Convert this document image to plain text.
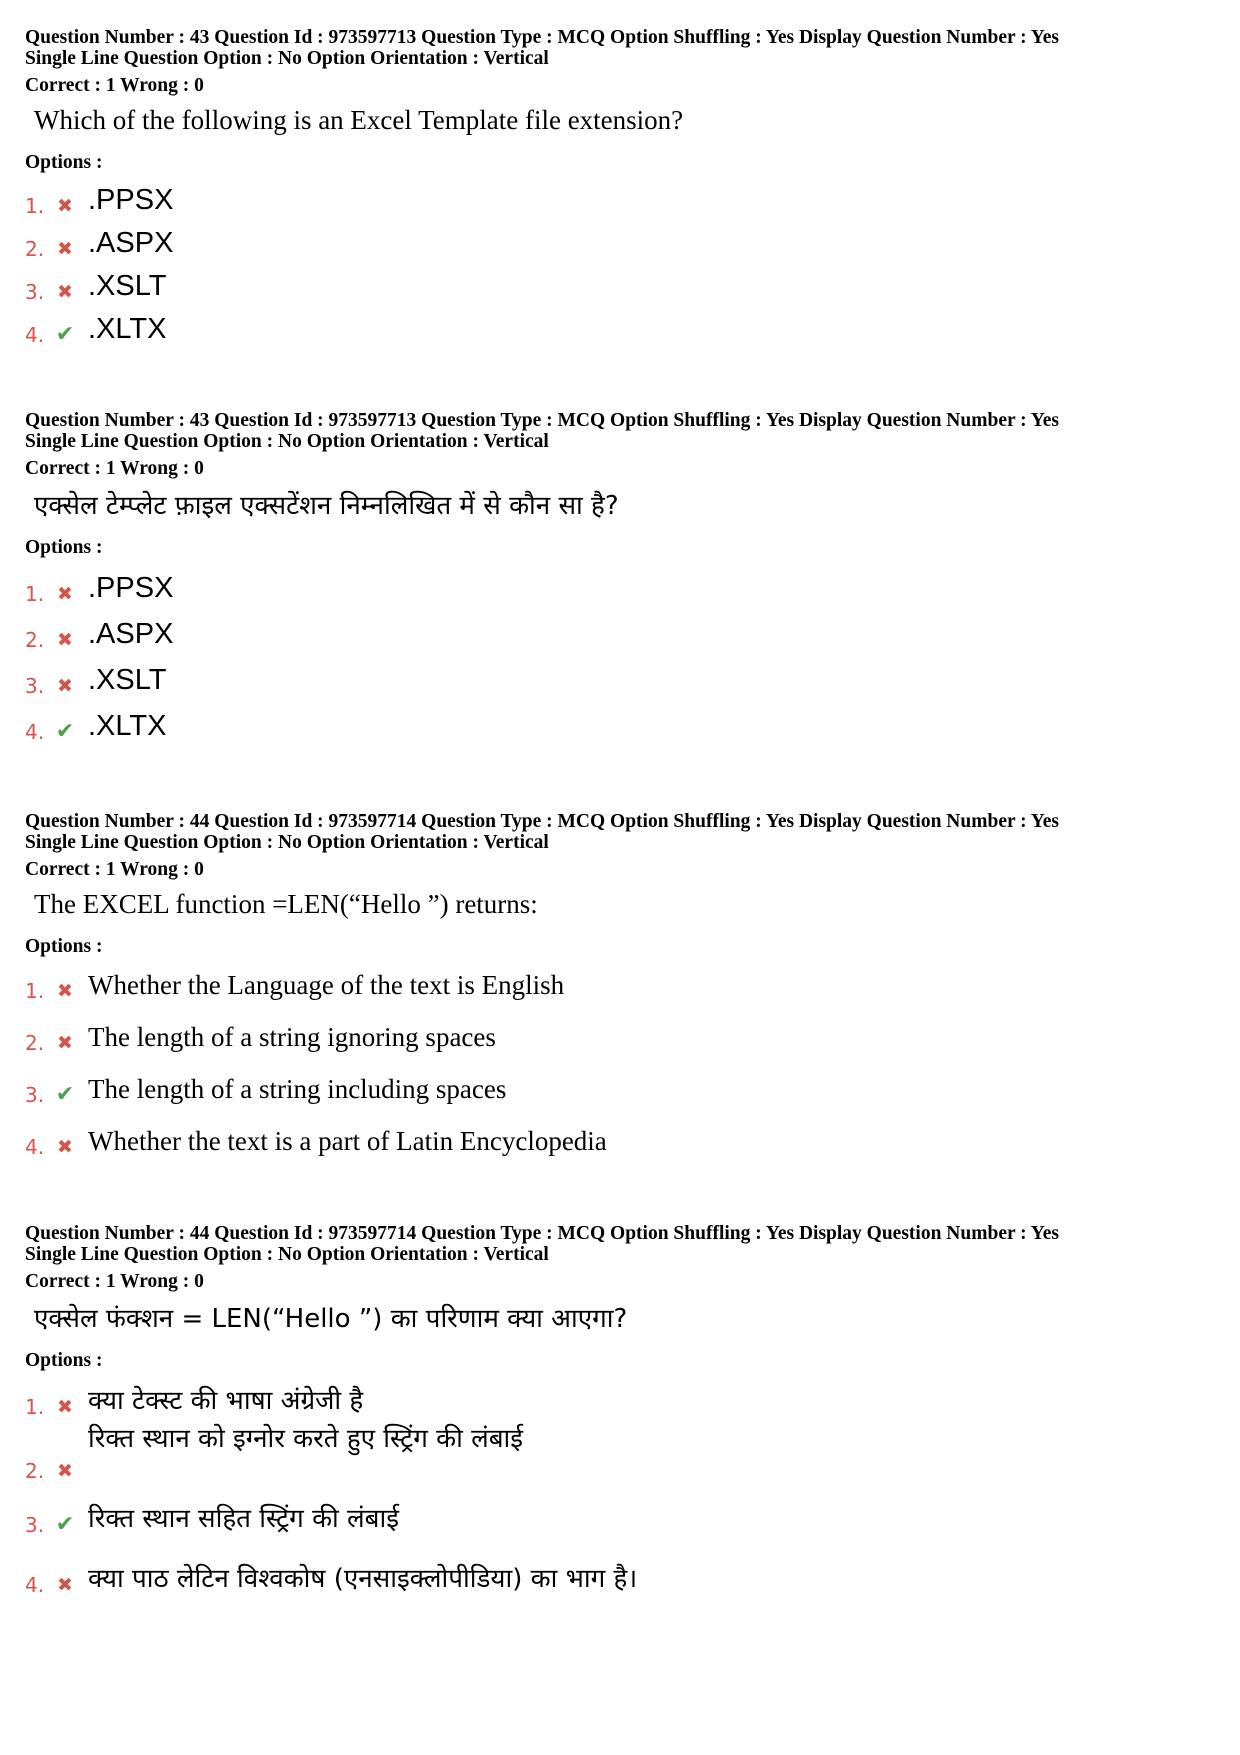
Question Number : 43 Question Id : 973597713 Question Type : MCQ Option Shuffling : Yes Display Question Number : Yes
Single Line Question Option : No Option Orientation : Vertical
Correct : 1 Wrong : 0
Which of the following is an Excel Template file extension?
Options :
1. ✖ .PPSX
2. ✖ .ASPX
3. ✖ .XSLT
4. ✔ .XLTX
Question Number : 43 Question Id : 973597713 Question Type : MCQ Option Shuffling : Yes Display Question Number : Yes
Single Line Question Option : No Option Orientation : Vertical
Correct : 1 Wrong : 0
एक्सेल टेम्प्लेट फ़ाइल एक्सटेंशन निम्नलिखित में से कौन सा है?
Options :
1. ✖ .PPSX
2. ✖ .ASPX
3. ✖ .XSLT
4. ✔ .XLTX
Question Number : 44 Question Id : 973597714 Question Type : MCQ Option Shuffling : Yes Display Question Number : Yes
Single Line Question Option : No Option Orientation : Vertical
Correct : 1 Wrong : 0
The EXCEL function =LEN(“Hello ”) returns:
Options :
1. ✖ Whether the Language of the text is English
2. ✖ The length of a string ignoring spaces
3. ✔ The length of a string including spaces
4. ✖ Whether the text is a part of Latin Encyclopedia
Question Number : 44 Question Id : 973597714 Question Type : MCQ Option Shuffling : Yes Display Question Number : Yes
Single Line Question Option : No Option Orientation : Vertical
Correct : 1 Wrong : 0
एक्सेल फंक्शन = LEN(“Hello ”) का परिणाम क्या आएगा?
Options :
1. ✖ क्या टेक्स्ट की भाषा अंग्रेजी है
2. ✖
रिक्त स्थान को इग्नोर करते हुए स्ट्रिंग की लंबाई
3. ✔ रिक्त स्थान सहित स्ट्रिंग की लंबाई
4. ✖ क्या पाठ लेटिन विश्वकोष (एनसाइक्लोपीडिया) का भाग है।
